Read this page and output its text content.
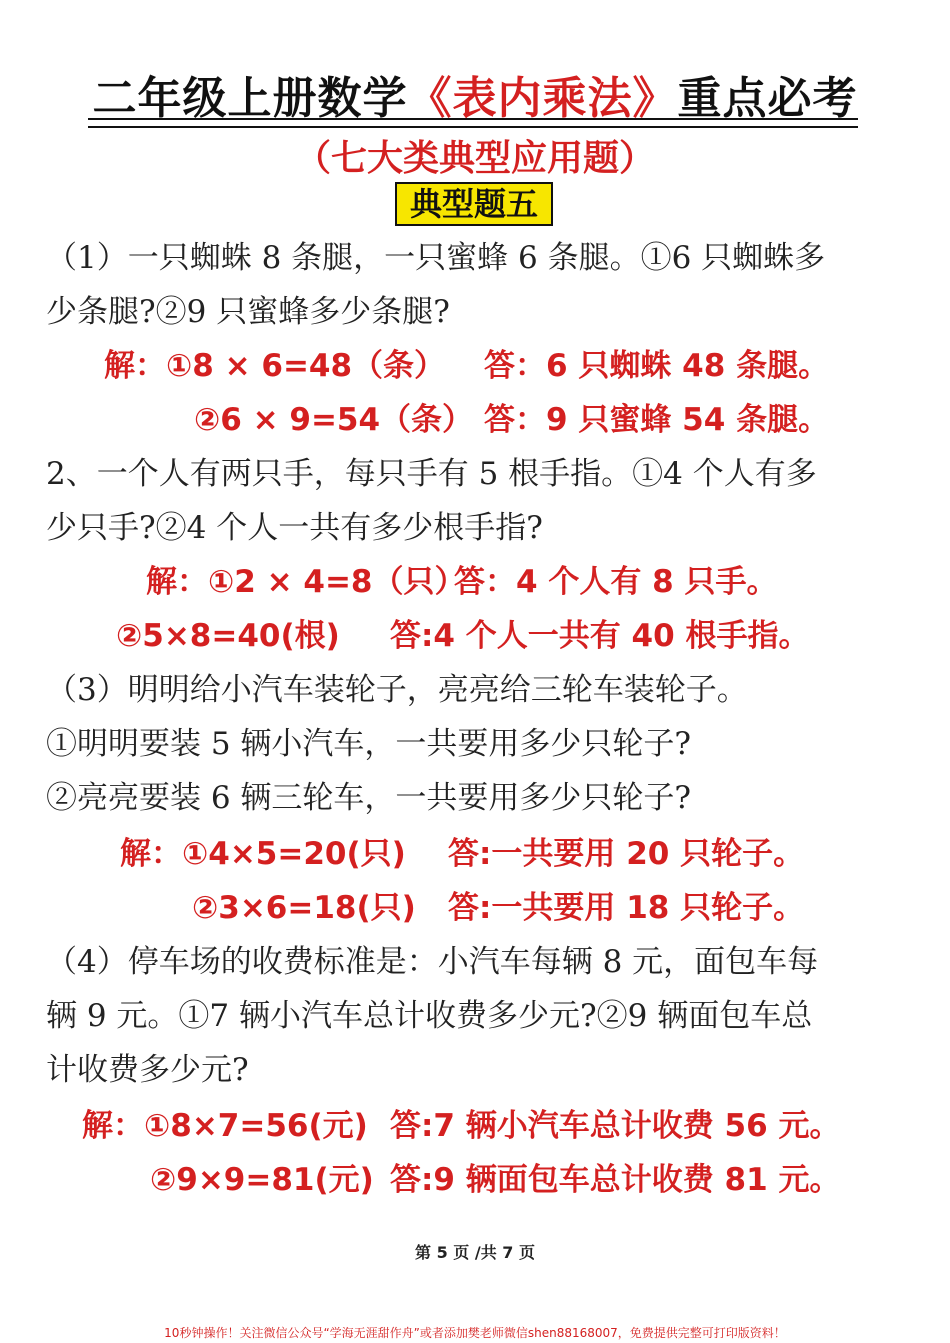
二年级上册数学《表内乘法》重点必考
（七大类典型应用题）
典型题五
（1）一只蜘蛛 8 条腿，一只蜜蜂 6 条腿。①6 只蜘蛛多
少条腿?②9 只蜜蜂多少条腿?
解：①8 × 6=48（条） 答：6 只蜘蛛 48 条腿。
②6 × 9=54（条） 答：9 只蜜蜂 54 条腿。
2、一个人有两只手，每只手有 5 根手指。①4 个人有多
少只手?②4 个人一共有多少根手指?
解：①2 × 4=8（只）
答：4 个人有 8 只手。
②5×8=40(根) 答:4 个人一共有 40 根手指。
（3）明明给小汽车装轮子，亮亮给三轮车装轮子。
①明明要装 5 辆小汽车，一共要用多少只轮子?
②亮亮要装 6 辆三轮车，一共要用多少只轮子?
解：①4×5=20(只) 答:一共要用 20 只轮子。
②3×6=18(只) 答:一共要用 18 只轮子。
（4）停车场的收费标准是：小汽车每辆 8 元，面包车每
辆 9 元。①7 辆小汽车总计收费多少元?②9 辆面包车总
计收费多少元?
解：①8×7=56(元) 答:7 辆小汽车总计收费 56 元。
②9×9=81(元) 答:9 辆面包车总计收费 81 元。
第 5 页 /共 7 页
10秒钟操作！关注微信公众号“学海无涯甜作舟”或者添加樊老师微信shen88168007，免费提供完整可打印版资料！
